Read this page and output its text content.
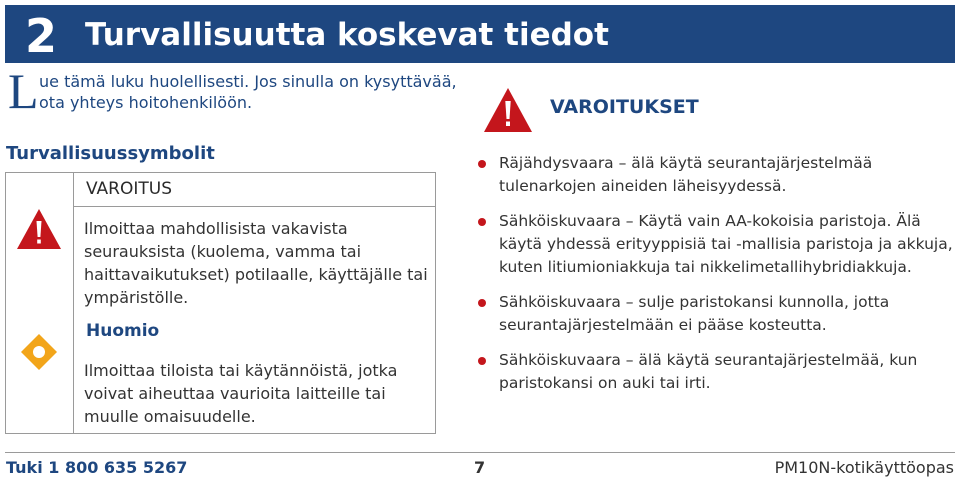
2 Turvallisuutta koskevat tiedot
L ue tämä luku huolellisesti. Jos sinulla on kysyttävää,
ota yhteys hoitohenkilöön.
Turvallisuussymbolit
VAROITUS
Ilmoittaa mahdollisista vakavista seurauksista (kuolema, vamma tai haittavaikutukset) potilaalle, käyttäjälle tai ympäristölle.
Huomio
Ilmoittaa tiloista tai käytännöistä, jotka voivat aiheuttaa vaurioita laitteille tai muulle omaisuudelle.
VAROITUKSET
Räjähdysvaara – älä käytä seurantajärjestelmää tulenarkojen aineiden läheisyydessä.
Sähköiskuvaara – Käytä vain AA-kokoisia paristoja. Älä käytä yhdessä erityyppisiä tai -mallisia paristoja ja akkuja, kuten litiumioniakkuja tai nikkelimetallihybridiakkuja.
Sähköiskuvaara – sulje paristokansi kunnolla, jotta seurantajärjestelmään ei pääse kosteutta.
Sähköiskuvaara – älä käytä seurantajärjestelmää, kun paristokansi on auki tai irti.
Tuki 1 800 635 5267	7	PM10N-kotikäyttöopas
